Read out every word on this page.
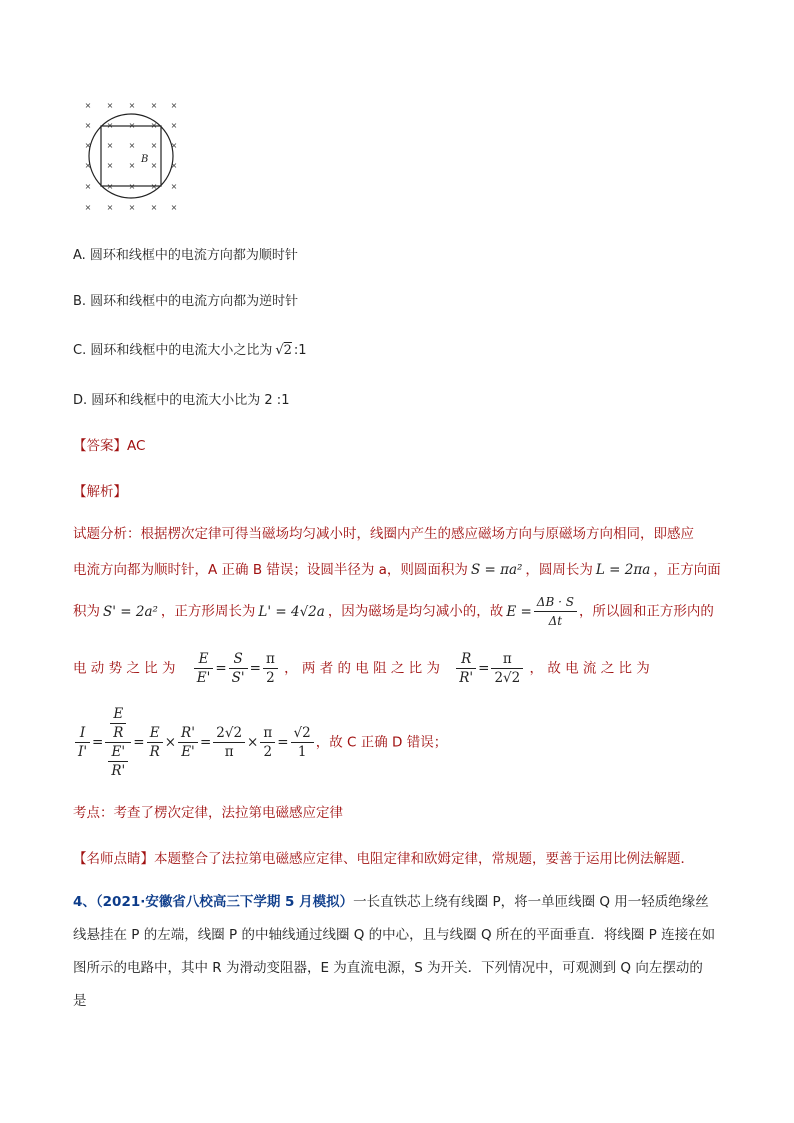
× × × × ×
× × × × ×
× × × × ×
× × × × ×
× × × × ×
× × × × ×
B
A. 圆环和线框中的电流方向都为顺时针
B. 圆环和线框中的电流方向都为逆时针
C. 圆环和线框中的电流大小之比为 √2 :1
D. 圆环和线框中的电流大小比为 2 :1
【答案】AC
【解析】
试题分析：根据楞次定律可得当磁场均匀减小时，线圈内产生的感应磁场方向与原磁场方向相同，即感应
电流方向都为顺时针，A 正确 B 错误；设圆半径为 a，则圆面积为 S = πa² ，圆周长为 L = 2πa ，正方向面
积为 S' = 2a² ，正方形周长为 L' = 4√2a ，因为磁场是均匀减小的，故 $E = \frac{\Delta B \cdot S}{\Delta t}$ ，所以圆和正方形内的
电 动 势 之 比 为 $\frac{E}{E'} = \frac{S}{S'} = \frac{\pi}{2}$ ， 两 者 的 电 阻 之 比 为 $\frac{R}{R'} = \frac{\pi}{2√2}$ ， 故 电 流 之 比 为
$\frac{I}{I'} = \frac{\frac{E}{R}}{\frac{E'}{R'}} = \frac{E}{R} \times \frac{R'}{E'} = \frac{2√2}{\pi} \times \frac{\pi}{2} = \frac{√2}{1}$ ，故 C 正确 D 错误；
考点：考查了楞次定律，法拉第电磁感应定律
【名师点睛】本题整合了法拉第电磁感应定律、电阻定律和欧姆定律，常规题，要善于运用比例法解题．
4、（2021·安徽省八校高三下学期 5 月模拟）一长直铁芯上绕有线圈 P，将一单匝线圈 Q 用一轻质绝缘丝
线悬挂在 P 的左端，线圈 P 的中轴线通过线圈 Q 的中心，且与线圈 Q 所在的平面垂直．将线圈 P 连接在如
图所示的电路中，其中 R 为滑动变阻器，E 为直流电源，S 为开关．下列情况中，可观测到 Q 向左摆动的
是
